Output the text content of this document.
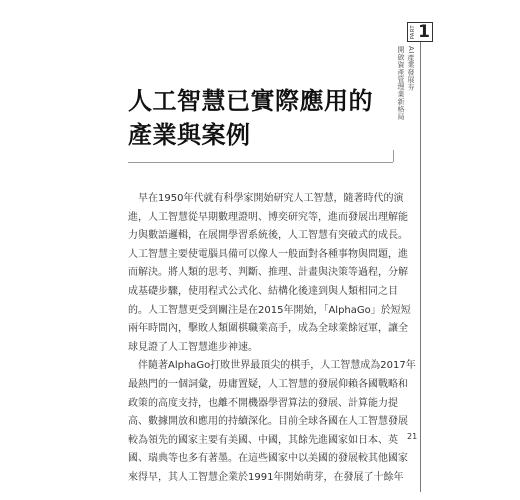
PART 1
AI產業發展夯
開啟資產管理業新格局
人工智慧已實際應用的
產業與案例
　早在1950年代就有科學家開始研究人工智慧，隨著時代的演
進，人工智慧從早期數理證明、博奕研究等，進而發展出理解能
力與數語邏輯，在展開學習系統後，人工智慧有突破式的成長。
人工智慧主要使電腦具備可以像人一般面對各種事物與問題，進
而解決。將人類的思考、判斷、推理、計畫與決策等過程，分解
成基礎步驟，使用程式公式化、結構化後達到與人類相同之目
的。人工智慧更受到關注是在2015年開始，「AlphaGo」於短短
兩年時間內，擊敗人類圍棋職業高手，成為全球業餘冠軍，讓全
球見證了人工智慧進步神速。
　伴隨著AlphaGo打敗世界最頂尖的棋手，人工智慧成為2017年
最熱門的一個詞彙，毋庸置疑，人工智慧的發展仰賴各國戰略和
政策的高度支持，也離不開機器學習算法的發展、計算能力提
高、數據開放和應用的持續深化。目前全球各國在人工智慧發展
較為領先的國家主要有美國、中國，其餘先進國家如日本、英
國、瑞典等也多有著墨。在這些國家中以美國的發展較其他國家
來得早，其人工智慧企業於1991年開始萌芽，在發展了十餘年
21
